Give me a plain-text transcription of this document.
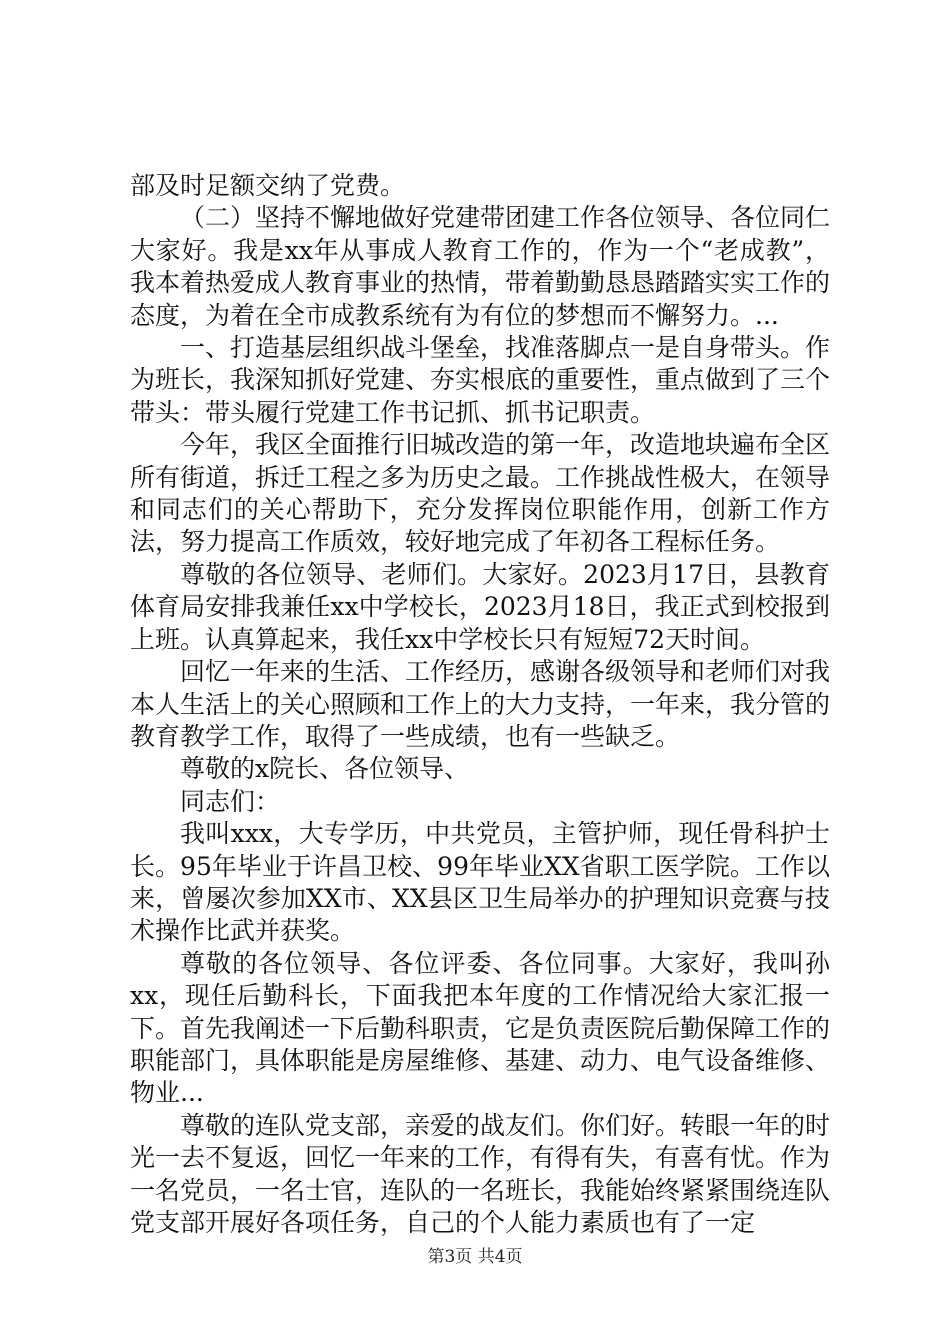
部及时足额交纳了党费。

（二）坚持不懈地做好党建带团建工作各位领导、各位同仁大家好。我是xx年从事成人教育工作的，作为一个“老成教”，我本着热爱成人教育事业的热情，带着勤勤恳恳踏踏实实工作的态度，为着在全市成教系统有为有位的梦想而不懈努力。...

一、打造基层组织战斗堡垒，找准落脚点一是自身带头。作为班长，我深知抓好党建、夯实根底的重要性，重点做到了三个带头：带头履行党建工作书记抓、抓书记职责。

今年，我区全面推行旧城改造的第一年，改造地块遍布全区所有街道，拆迁工程之多为历史之最。工作挑战性极大，在领导和同志们的关心帮助下，充分发挥岗位职能作用，创新工作方法，努力提高工作质效，较好地完成了年初各工程标任务。

尊敬的各位领导、老师们。大家好。2023月17日，县教育体育局安排我兼任xx中学校长，2023月18日，我正式到校报到上班。认真算起来，我任xx中学校长只有短短72天时间。

回忆一年来的生活、工作经历，感谢各级领导和老师们对我本人生活上的关心照顾和工作上的大力支持，一年来，我分管的教育教学工作，取得了一些成绩，也有一些缺乏。

尊敬的x院长、各位领导、

同志们：

我叫xxx，大专学历，中共党员，主管护师，现任骨科护士长。95年毕业于许昌卫校、99年毕业XX省职工医学院。工作以来，曾屡次参加XX市、XX县区卫生局举办的护理知识竞赛与技术操作比武并获奖。

尊敬的各位领导、各位评委、各位同事。大家好，我叫孙xx，现任后勤科长，下面我把本年度的工作情况给大家汇报一下。首先我阐述一下后勤科职责，它是负责医院后勤保障工作的职能部门，具体职能是房屋维修、基建、动力、电气设备维修、物业...

尊敬的连队党支部，亲爱的战友们。你们好。转眼一年的时光一去不复返，回忆一年来的工作，有得有失，有喜有忧。作为一名党员，一名士官，连队的一名班长，我能始终紧紧围绕连队党支部开展好各项任务，自己的个人能力素质也有了一定

第3页 共4页
